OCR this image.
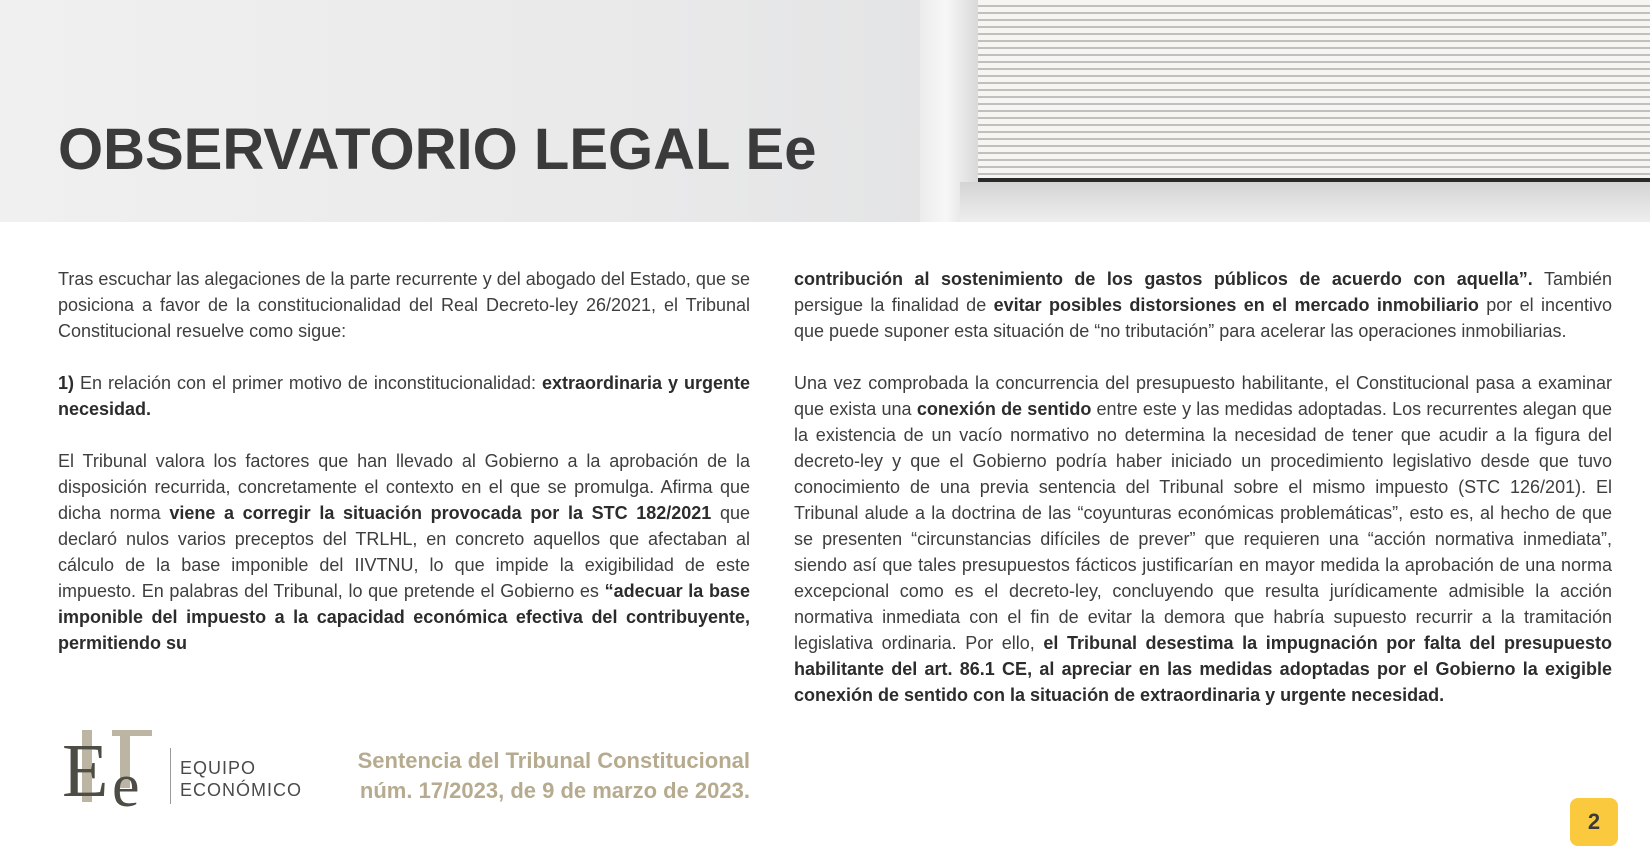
OBSERVATORIO LEGAL Ee

Tras escuchar las alegaciones de la parte recurrente y del abogado del Estado, que se posiciona a favor de la constitucionalidad del Real Decreto-ley 26/2021, el Tribunal Constitucional resuelve como sigue:

1) En relación con el primer motivo de inconstitucionalidad: extraordinaria y urgente necesidad.

El Tribunal valora los factores que han llevado al Gobierno a la aprobación de la disposición recurrida, concretamente el contexto en el que se promulga. Afirma que dicha norma viene a corregir la situación provocada por la STC 182/2021 que declaró nulos varios preceptos del TRLHL, en concreto aquellos que afectaban al cálculo de la base imponible del IIVTNU, lo que impide la exigibilidad de este impuesto. En palabras del Tribunal, lo que pretende el Gobierno es “adecuar la base imponible del impuesto a la capacidad económica efectiva del contribuyente, permitiendo su

contribución al sostenimiento de los gastos públicos de acuerdo con aquella”. También persigue la finalidad de evitar posibles distorsiones en el mercado inmobiliario por el incentivo que puede suponer esta situación de “no tributación” para acelerar las operaciones inmobiliarias.

Una vez comprobada la concurrencia del presupuesto habilitante, el Constitucional pasa a examinar que exista una conexión de sentido entre este y las medidas adoptadas. Los recurrentes alegan que la existencia de un vacío normativo no determina la necesidad de tener que acudir a la figura del decreto-ley y que el Gobierno podría haber iniciado un procedimiento legislativo desde que tuvo conocimiento de una previa sentencia del Tribunal sobre el mismo impuesto (STC 126/201). El Tribunal alude a la doctrina de las “coyunturas económicas problemáticas”, esto es, al hecho de que se presenten “circunstancias difíciles de prever” que requieren una “acción normativa inmediata”, siendo así que tales presupuestos fácticos justificarían en mayor medida la aprobación de una norma excepcional como es el decreto-ley, concluyendo que resulta jurídicamente admisible la acción normativa inmediata con el fin de evitar la demora que habría supuesto recurrir a la tramitación legislativa ordinaria. Por ello, el Tribunal desestima la impugnación por falta del presupuesto habilitante del art. 86.1 CE, al apreciar en las medidas adoptadas por el Gobierno la exigible conexión de sentido con la situación de extraordinaria y urgente necesidad.

E e EQUIPO
ECONÓMICO
Sentencia del Tribunal Constitucional
núm. 17/2023, de 9 de marzo de 2023.
2
